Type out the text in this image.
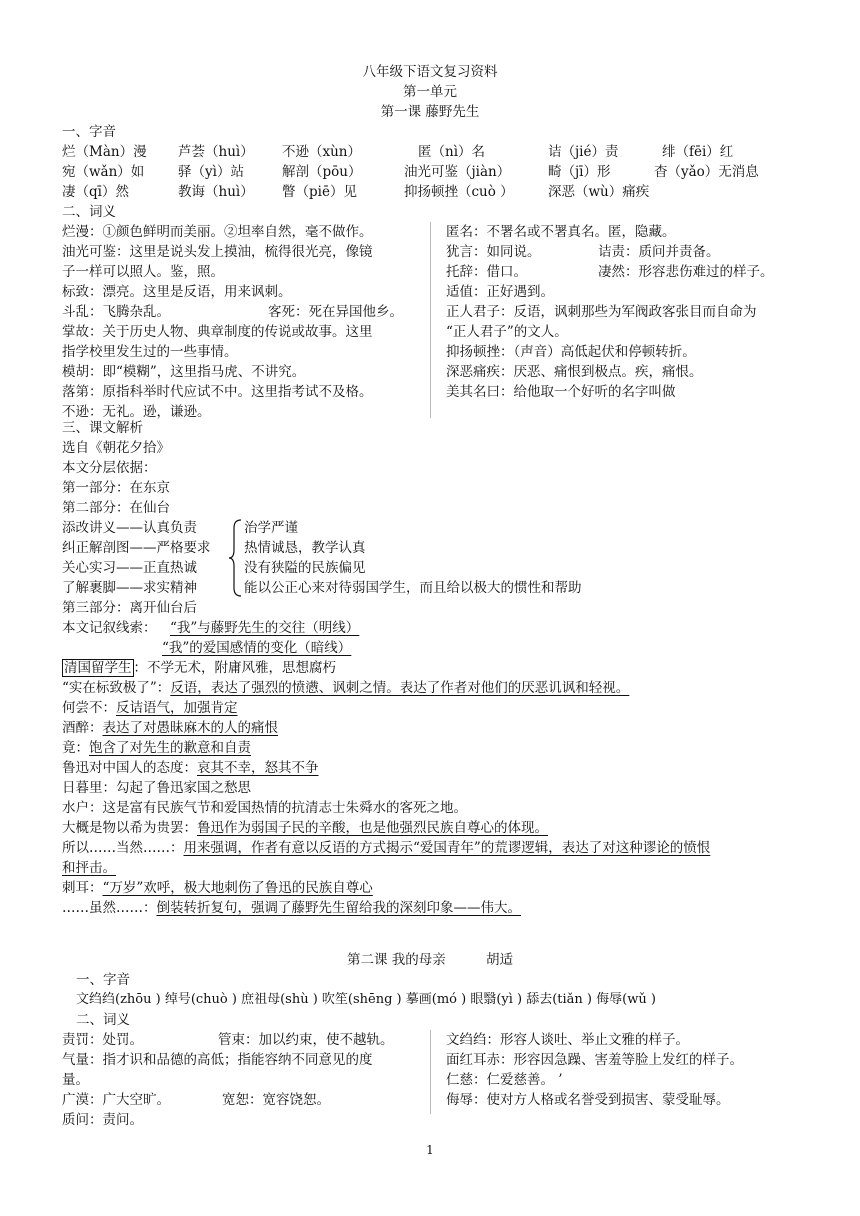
八年级下语文复习资料
第一单元
第一课 藤野先生
一、字音
烂（Màn）漫 芦荟（huì） 不逊（xùn）	匿（nì）名	诘（jié）责	绯（fēi）红
宛（wǎn）如 驿（yì）站	解剖（pōu）	油光可鉴（jiàn）	畸（jī）形	杳（yǎo）无消息
凄（qī）然	教诲（huì） 瞥（piē）见	抑扬顿挫（cuò ）	深恶（wù）痛疾
二、词义
烂漫：①颜色鲜明而美丽。②坦率自然，毫不做作。
油光可鉴：这里是说头发上摸油，梳得很光亮，像镜
子一样可以照人。鉴，照。
标致：漂亮。这里是反语，用来讽刺。
斗乱：飞腾杂乱。	客死：死在异国他乡。
掌故：关于历史人物、典章制度的传说或故事。这里
指学校里发生过的一些事情。
模胡：即“模糊”，这里指马虎、不讲究。
落第：原指科举时代应试不中。这里指考试不及格。
不逊：无礼。逊，谦逊。
匿名：不署名或不署真名。匿，隐藏。
犹言：如同说。	诘责：质问并责备。
托辞：借口。	凄然：形容悲伤难过的样子。
适值：正好遇到。
正人君子：反语，讽刺那些为军阀政客张目而自命为
“正人君子”的文人。
抑扬顿挫：（声音）高低起伏和停顿转折。
深恶痛疾：厌恶、痛恨到极点。疾，痛恨。
美其名曰：给他取一个好听的名字叫做
三、课文解析
选自《朝花夕拾》
本文分层依据：
第一部分：在东京
第二部分：在仙台
添改讲义——认真负责
纠正解剖图——严格要求
关心实习——正直热诚
了解裹脚——求实精神
治学严谨
热情诚恳，教学认真
没有狭隘的民族偏见
能以公正心来对待弱国学生，而且给以极大的惯性和帮助
第三部分：离开仙台后
本文记叙线索： “我”与藤野先生的交往（明线）
“我”的爱国感情的变化（暗线）
清国留学生 ：不学无术，附庸风雅，思想腐朽
“实在标致极了”：反语，表达了强烈的愤懑、讽刺之情。表达了作者对他们的厌恶讥讽和轻视。
何尝不：反诘语气，加强肯定
酒醉：表达了对愚昧麻木的人的痛恨
竟：饱含了对先生的歉意和自责
鲁迅对中国人的态度：哀其不幸，怒其不争
日暮里：勾起了鲁迅家国之愁思
水户：这是富有民族气节和爱国热情的抗清志士朱舜水的客死之地。
大概是物以希为贵罢：鲁迅作为弱国子民的辛酸，也是他强烈民族自尊心的体现。
所以……当然……：用来强调，作者有意以反语的方式揭示“爱国青年”的荒谬逻辑，表达了对这种谬论的愤恨
和抨击。
刺耳：“万岁”欢呼，极大地刺伤了鲁迅的民族自尊心
……虽然……：倒装转折复句，强调了藤野先生留给我的深刻印象——伟大。
第二课 我的母亲	胡适
一、字音
文绉绉(zhōu ) 绰号(chuò ) 庶祖母(shù ) 吹笙(shēng ) 摹画(mó ) 眼翳(yì ) 舔去(tiǎn ) 侮辱(wǔ )
二、词义
责罚：处罚。	管束：加以约束，使不越轨。
气量：指才识和品德的高低；指能容纳不同意见的度
量。
广漠：广大空旷。	宽恕：宽容饶恕。
质问：责问。
文绉绉：形容人谈吐、举止文雅的样子。
面红耳赤：形容因急躁、害羞等脸上发红的样子。
仁慈：仁爱慈善。 ’
侮辱：使对方人格或名誉受到损害、蒙受耻辱。
1
